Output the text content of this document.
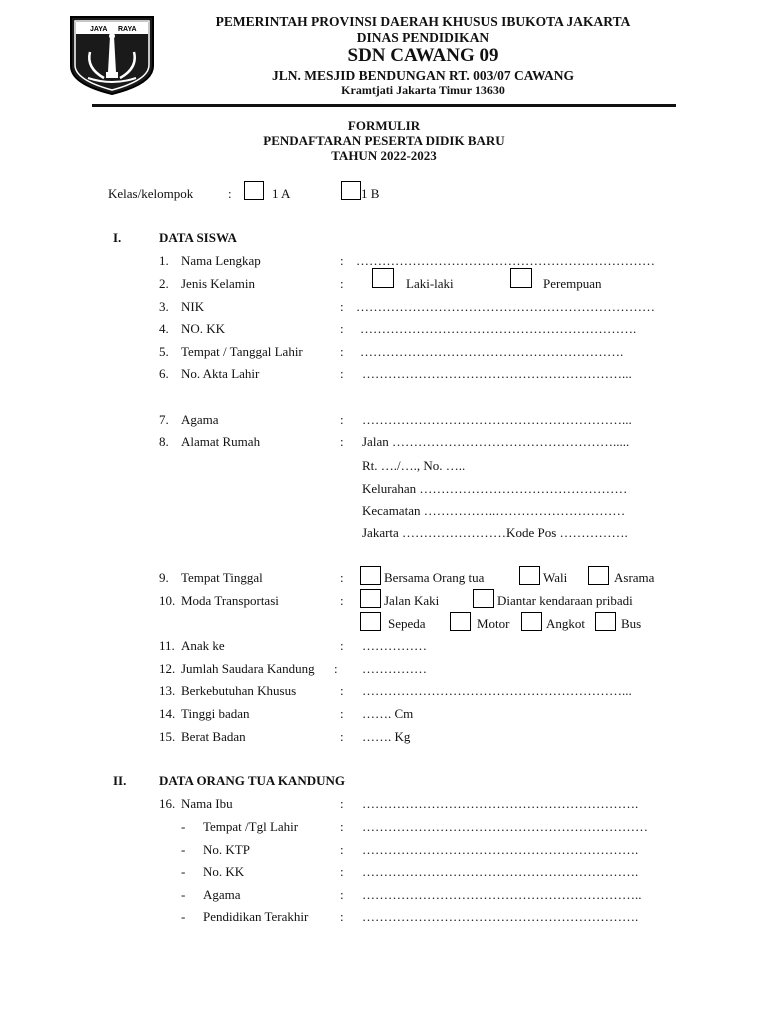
JAYA RAYA
PEMERINTAH PROVINSI DAERAH KHUSUS IBUKOTA JAKARTA
DINAS PENDIDIKAN
SDN CAWANG 09
JLN. MESJID BENDUNGAN RT. 003/07 CAWANG
Kramtjati Jakarta Timur 13630
FORMULIR
PENDAFTARAN PESERTA DIDIK BARU
TAHUN 2022-2023
Kelas/kelompok	:	1 A	1 B
I.	DATA SISWA
1. Nama Lengkap	: ……………………………………………………………
2. Jenis Kelamin	:	Laki-laki	Perempuan
3. NIK	: ……………………………………………………………
4. NO. KK	: ……………………………………………………….
5. Tempat / Tanggal Lahir	: …………………………………………………….
6. No. Akta Lahir	: ……………………………………………………...
7. Agama	: ……………………………………………………...
8. Alamat Rumah	: Jalan …………………………………………….....
Rt. …./…., No. …..
Kelurahan …………………………………………
Kecamatan ……………..…………………………
Jakarta ……………………Kode Pos …………….
9. Tempat Tinggal	:	Bersama Orang tua	Wali	Asrama
10. Moda Transportasi	:	Jalan Kaki	Diantar kendaraan pribadi
Sepeda	Motor	Angkot	Bus
11. Anak ke	: ……………
12. Jumlah Saudara Kandung : ……………
13. Berkebutuhan Khusus	: ……………………………………………………...
14. Tinggi badan	: ……. Cm
15. Berat Badan	: ……. Kg
II.	DATA ORANG TUA KANDUNG
16. Nama Ibu	: ……………………………………………………….
- Tempat /Tgl Lahir	: …………………………………………………………
- No. KTP	: ……………………………………………………….
- No. KK	: ……………………………………………………….
- Agama	: ………………………………………………………..
- Pendidikan Terakhir : ……………………………………………………….
